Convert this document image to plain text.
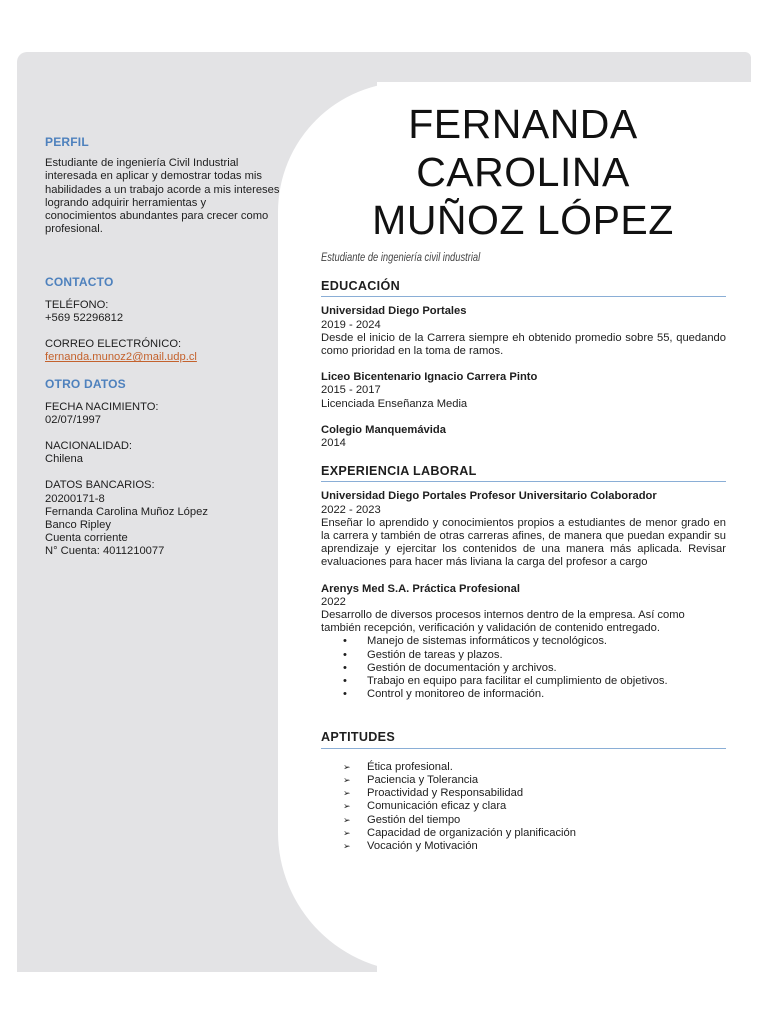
PERFIL

Estudiante de ingeniería Civil Industrial interesada en aplicar y demostrar todas mis habilidades a un trabajo acorde a mis intereses logrando adquirir herramientas y conocimientos abundantes para crecer como profesional.

CONTACTO

TELÉFONO:

+569 52296812

CORREO ELECTRÓNICO:

fernanda.munoz2@mail.udp.cl

OTRO DATOS

FECHA NACIMIENTO:

02/07/1997

NACIONALIDAD:

Chilena

DATOS BANCARIOS:

20200171-8

Fernanda Carolina Muñoz López

Banco Ripley

Cuenta corriente

N° Cuenta: 4011210077

FERNANDA
CAROLINA
MUÑOZ LÓPEZ
Estudiante de ingeniería civil industrial
EDUCACIÓN
Universidad Diego Portales
2019 - 2024
Desde el inicio de la Carrera siempre eh obtenido promedio sobre 55, quedando como prioridad en la toma de ramos.
Liceo Bicentenario Ignacio Carrera Pinto
2015 - 2017
Licenciada Enseñanza Media
Colegio Manquemávida
2014
EXPERIENCIA LABORAL
Universidad Diego Portales Profesor Universitario Colaborador
2022 - 2023
Enseñar lo aprendido y conocimientos propios a estudiantes de menor grado en la carrera y también de otras carreras afines, de manera que puedan expandir su aprendizaje y ejercitar los contenidos de una manera más aplicada. Revisar evaluaciones para hacer más liviana la carga del profesor a cargo
Arenys Med S.A. Práctica Profesional
2022
Desarrollo de diversos procesos internos dentro de la empresa. Así como también recepción, verificación y validación de contenido entregado.
• Manejo de sistemas informáticos y tecnológicos.
• Gestión de tareas y plazos.
• Gestión de documentación y archivos.
• Trabajo en equipo para facilitar el cumplimiento de objetivos.
• Control y monitoreo de información.
APTITUDES
➢ Ética profesional.
➢ Paciencia y Tolerancia
➢ Proactividad y Responsabilidad
➢ Comunicación eficaz y clara
➢ Gestión del tiempo
➢ Capacidad de organización y planificación
➢ Vocación y Motivación
